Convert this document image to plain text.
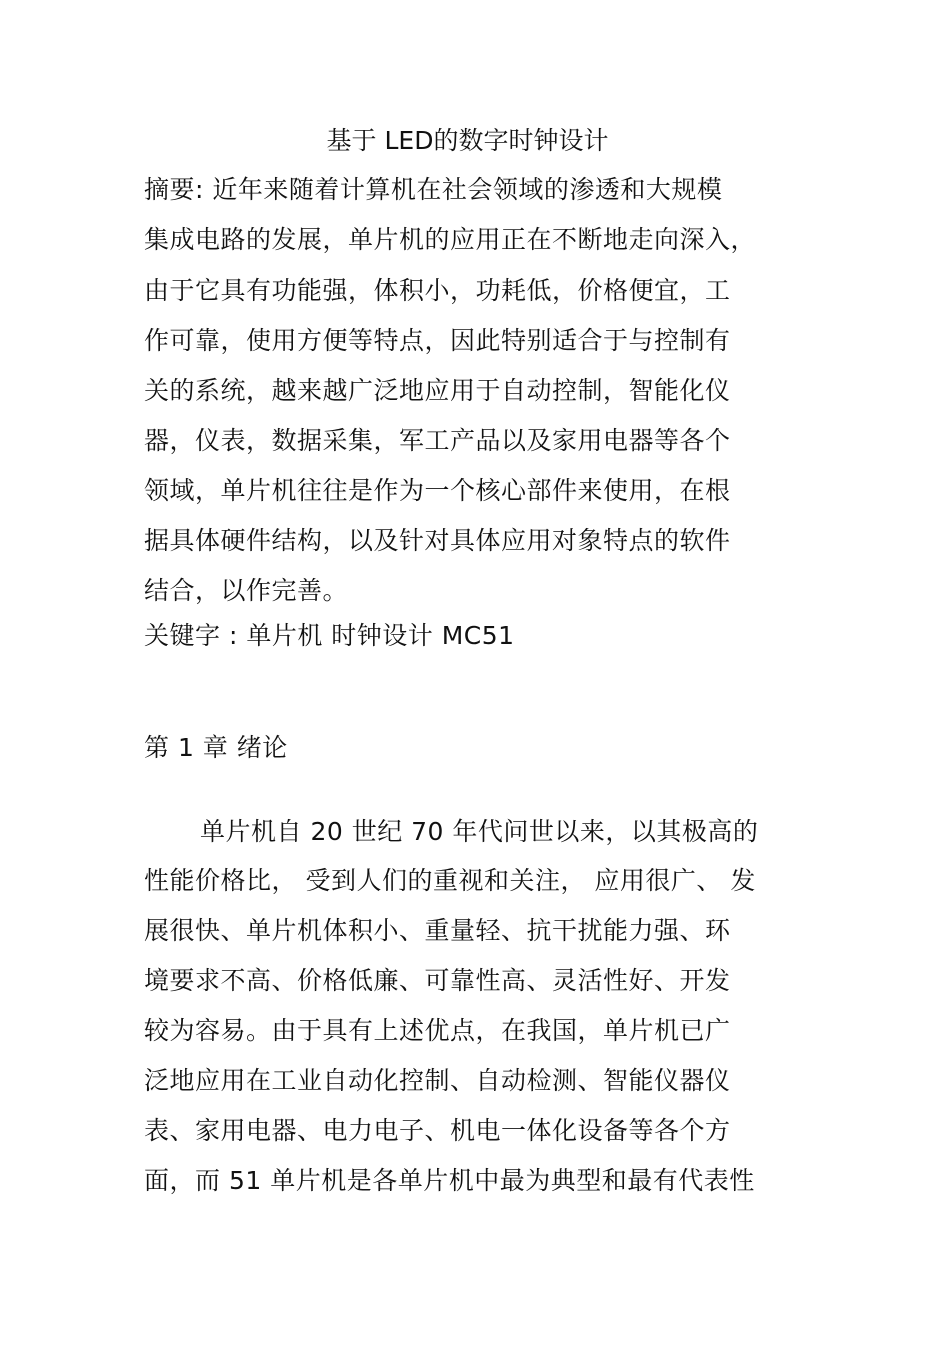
基于 LED的数字时钟设计
摘要: 近年来随着计算机在社会领域的渗透和大规模
集成电路的发展，单片机的应用正在不断地走向深入，
由于它具有功能强，体积小，功耗低，价格便宜，工
作可靠，使用方便等特点，因此特别适合于与控制有
关的系统，越来越广泛地应用于自动控制，智能化仪
器，仪表，数据采集，军工产品以及家用电器等各个
领域，单片机往往是作为一个核心部件来使用，在根
据具体硬件结构，以及针对具体应用对象特点的软件
结合，以作完善。
关键字 : 单片机 时钟设计 MC51
第 1 章 绪论
单片机自 20 世纪 70 年代问世以来，以其极高的
性能价格比， 受到人们的重视和关注， 应用很广、 发
展很快、单片机体积小、重量轻、抗干扰能力强、环
境要求不高、价格低廉、可靠性高、灵活性好、开发
较为容易。由于具有上述优点，在我国，单片机已广
泛地应用在工业自动化控制、自动检测、智能仪器仪
表、家用电器、电力电子、机电一体化设备等各个方
面，而 51 单片机是各单片机中最为典型和最有代表性
